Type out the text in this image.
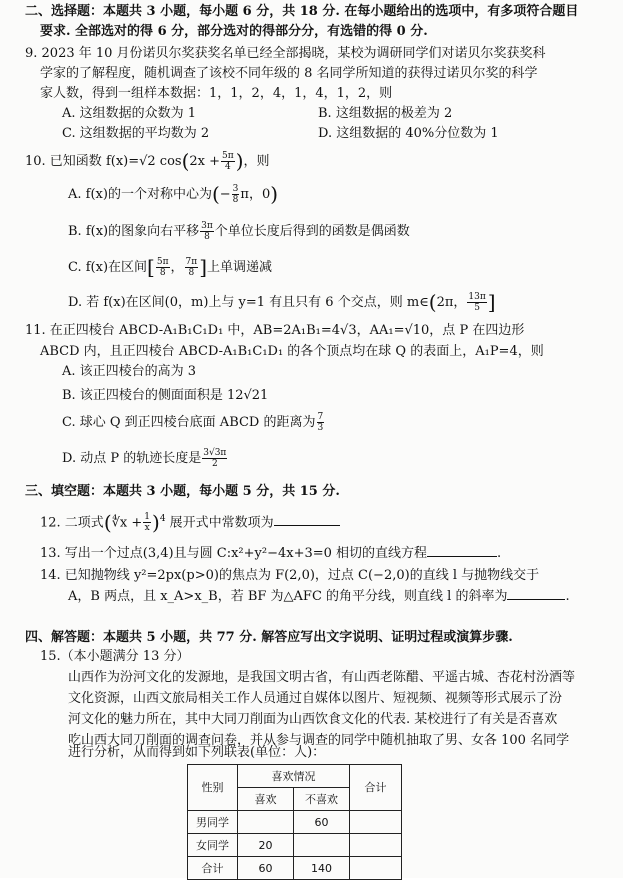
二、选择题：本题共 3 小题，每小题 6 分，共 18 分. 在每小题给出的选项中，有多项符合题目
要求. 全部选对的得 6 分，部分选对的得部分分，有选错的得 0 分.
9. 2023 年 10 月份诺贝尔奖获奖名单已经全部揭晓，某校为调研同学们对诺贝尔奖获奖科
学家的了解程度，随机调查了该校不同年级的 8 名同学所知道的获得过诺贝尔奖的科学
家人数，得到一组样本数据：1，1，2，4，1，4，1，2，则
A. 这组数据的众数为 1	B. 这组数据的极差为 2
C. 这组数据的平均数为 2	D. 这组数据的 40%分位数为 1
10. 已知函数 f(x)=√2 $\cos(2x + \frac{5\pi}{4}$ )，则
A. f(x)的一个对称中心为(− $\frac{3}{8}$ π，0)
B. f(x)的图象向右平移 $\frac{3\pi}{8}$ 个单位长度后得到的函数是偶函数
C. f(x)在区间[ $\frac{5\pi}{8}$ ， $\frac{7\pi}{8}$ ]上单调递减
D. 若 f(x)在区间(0，m)上与 y=1 有且只有 6 个交点，则 m∈(2π， $\frac{13\pi}{5}$ ]
11. 在正四棱台 ABCD-A₁B₁C₁D₁ 中，AB=2A₁B₁=4√3，AA₁=√10，点 P 在四边形
ABCD 内，且正四棱台 ABCD-A₁B₁C₁D₁ 的各个顶点均在球 Q 的表面上，A₁P=4，则
A. 该正四棱台的高为 3
B. 该正四棱台的侧面面积是 12√21
C. 球心 Q 到正四棱台底面 ABCD 的距离为 $\frac{7}{3}$
D. 动点 P 的轨迹长度是 $\frac{3√3\pi}{2}$
三、填空题：本题共 3 小题，每小题 5 分，共 15 分.
12. 二项式(∜x + $\frac{1}{x} )^4$ 展开式中常数项为
13. 写出一个过点(3,4)且与圆 C:x²+y²−4x+3=0 相切的直线方程	.
14. 已知抛物线 y²=2px(p>0)的焦点为 F(2,0)，过点 C(−2,0)的直线 l 与抛物线交于
A，B 两点，且 x_A>x_B，若 BF 为△AFC 的角平分线，则直线 l 的斜率为	.
四、解答题：本题共 5 小题，共 77 分. 解答应写出文字说明、证明过程或演算步骤.
15.（本小题满分 13 分）
山西作为汾河文化的发源地，是我国文明古省，有山西老陈醋、平遥古城、杏花村汾酒等
文化资源，山西文旅局相关工作人员通过自媒体以图片、短视频、视频等形式展示了汾
河文化的魅力所在，其中大同刀削面为山西饮食文化的代表. 某校进行了有关是否喜欢
吃山西大同刀削面的调查问卷，并从参与调查的同学中随机抽取了男、女各 100 名同学
进行分析，从而得到如下列联表(单位：人)：
性别	喜欢情况		合计
	喜欢	不喜欢	
男同学		60	
女同学	20		
合计	60	140	
